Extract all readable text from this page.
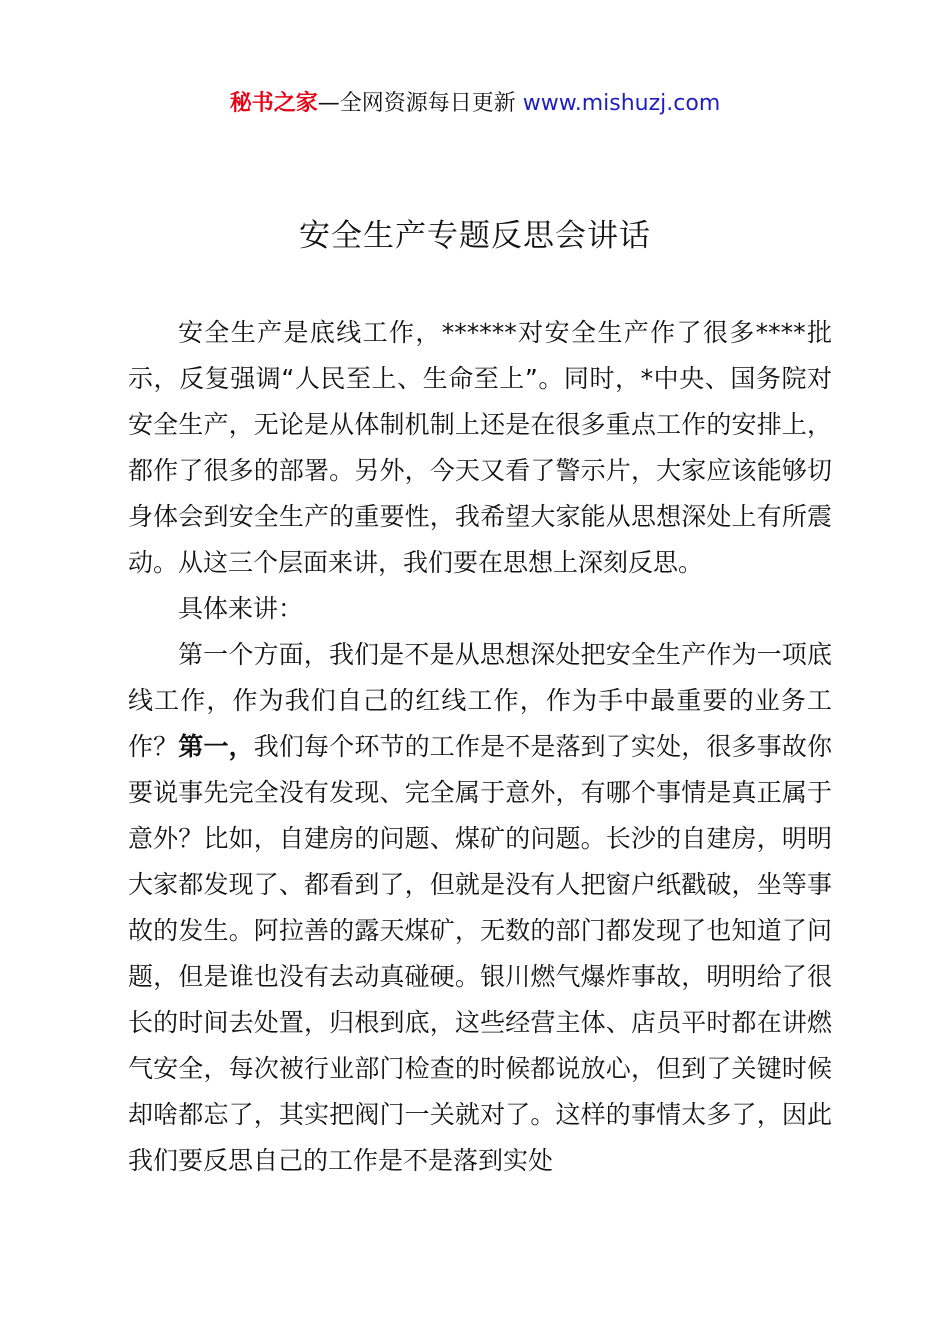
秘书之家—全网资源每日更新 www.mishuzj.com
安全生产专题反思会讲话

安全生产是底线工作，******对安全生产作了很多****批示，反复强调“人民至上、生命至上”。同时，*中央、国务院对安全生产，无论是从体制机制上还是在很多重点工作的安排上，都作了很多的部署。另外，今天又看了警示片，大家应该能够切身体会到安全生产的重要性，我希望大家能从思想深处上有所震动。从这三个层面来讲，我们要在思想上深刻反思。

具体来讲：

第一个方面，我们是不是从思想深处把安全生产作为一项底线工作，作为我们自己的红线工作，作为手中最重要的业务工作？第一，我们每个环节的工作是不是落到了实处，很多事故你要说事先完全没有发现、完全属于意外，有哪个事情是真正属于意外？比如，自建房的问题、煤矿的问题。长沙的自建房，明明大家都发现了、都看到了，但就是没有人把窗户纸戳破，坐等事故的发生。阿拉善的露天煤矿，无数的部门都发现了也知道了问题，但是谁也没有去动真碰硬。银川燃气爆炸事故，明明给了很长的时间去处置，归根到底，这些经营主体、店员平时都在讲燃气安全，每次被行业部门检查的时候都说放心，但到了关键时候却啥都忘了，其实把阀门一关就对了。这样的事情太多了，因此我们要反思自己的工作是不是落到实处
